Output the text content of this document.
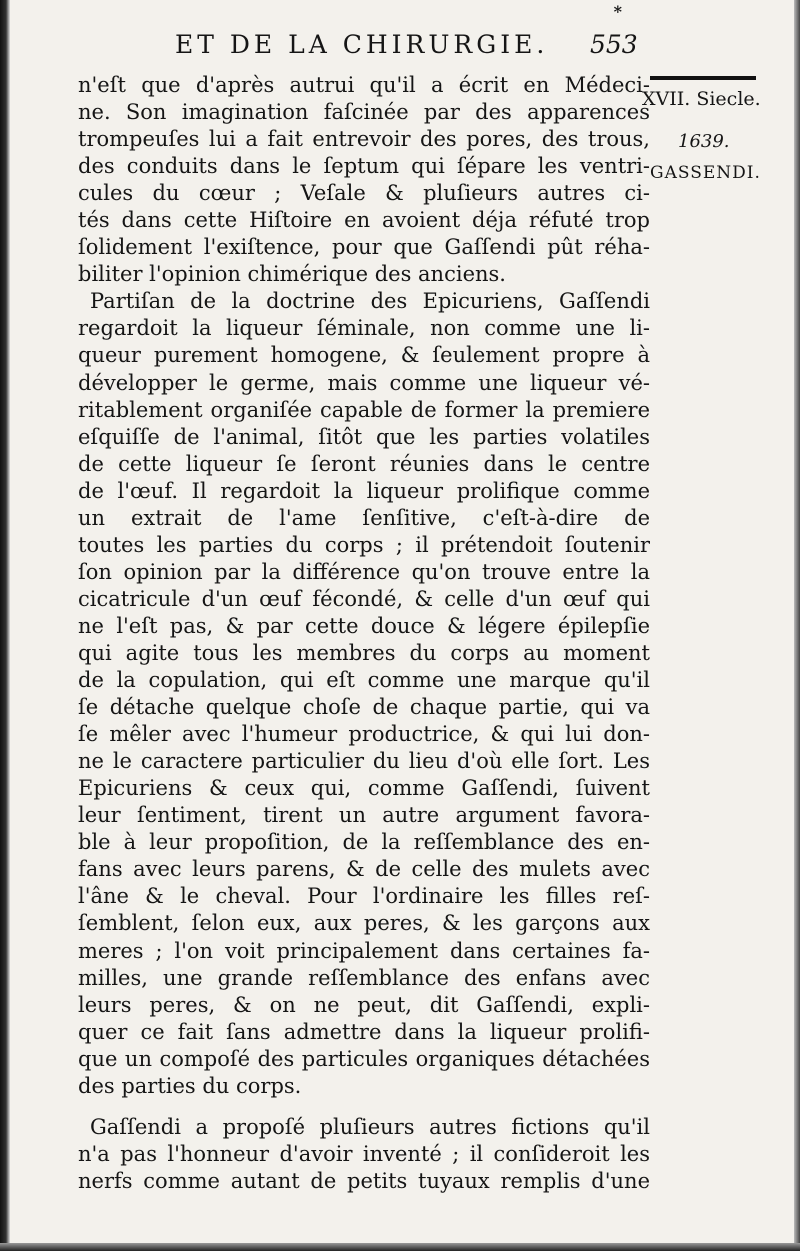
*
ET DE LA CHIRURGIE. 553
XVII. Siecle.
1639.
GASSENDI.
n'eſt que d'après autrui qu'il a écrit en Médeci-
ne. Son imagination faſcinée par des apparences
trompeuſes lui a fait entrevoir des pores, des trous,
des conduits dans le ſeptum qui ſépare les ventri-
cules du cœur ; Veſale & pluſieurs autres ci-
tés dans cette Hiſtoire en avoient déja réfuté trop
ſolidement l'exiſtence, pour que Gaſſendi pût réha-
biliter l'opinion chimérique des anciens.
Partiſan de la doctrine des Epicuriens, Gaſſendi
regardoit la liqueur ſéminale, non comme une li-
queur purement homogene, & ſeulement propre à
développer le germe, mais comme une liqueur vé-
ritablement organiſée capable de former la premiere
eſquiſſe de l'animal, ſitôt que les parties volatiles
de cette liqueur ſe ſeront réunies dans le centre
de l'œuf. Il regardoit la liqueur prolifique comme
un extrait de l'ame ſenſitive, c'eſt-à-dire de
toutes les parties du corps ; il prétendoit ſoutenir
ſon opinion par la différence qu'on trouve entre la
cicatricule d'un œuf fécondé, & celle d'un œuf qui
ne l'eſt pas, & par cette douce & légere épilepſie
qui agite tous les membres du corps au moment
de la copulation, qui eſt comme une marque qu'il
ſe détache quelque choſe de chaque partie, qui va
ſe mêler avec l'humeur productrice, & qui lui don-
ne le caractere particulier du lieu d'où elle ſort. Les
Epicuriens & ceux qui, comme Gaſſendi, ſuivent
leur ſentiment, tirent un autre argument favora-
ble à leur propoſition, de la reſſemblance des en-
fans avec leurs parens, & de celle des mulets avec
l'âne & le cheval. Pour l'ordinaire les filles reſ-
ſemblent, ſelon eux, aux peres, & les garçons aux
meres ; l'on voit principalement dans certaines fa-
milles, une grande reſſemblance des enfans avec
leurs peres, & on ne peut, dit Gaſſendi, expli-
quer ce fait ſans admettre dans la liqueur prolifi-
que un compoſé des particules organiques détachées
des parties du corps.
Gaſſendi a propoſé pluſieurs autres fictions qu'il
n'a pas l'honneur d'avoir inventé ; il conſideroit les
nerfs comme autant de petits tuyaux remplis d'une
